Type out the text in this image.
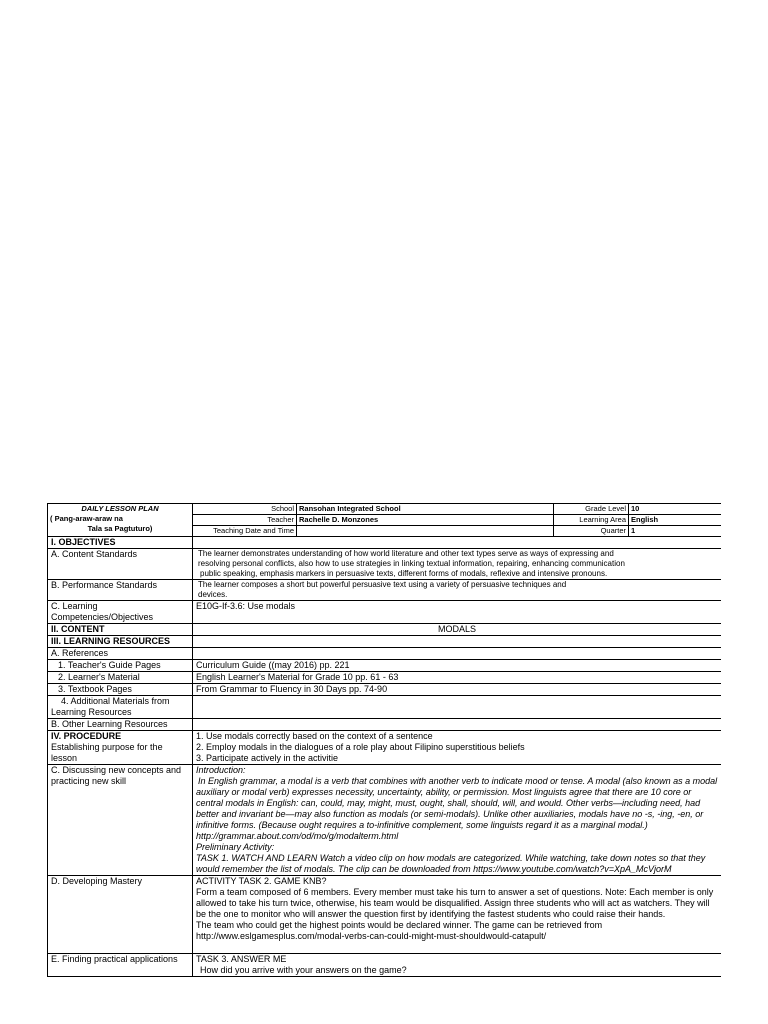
DAILY LESSON PLAN
( Pang-araw-araw na
Tala sa Pagtuturo)	School	Ransohan Integrated School	Grade Level	10
	Teacher	Rachelle D. Monzones	Learning Area	English
	Teaching Date and Time		Quarter	1
I. OBJECTIVES				
A. Content Standards	The learner demonstrates understanding of how world literature and other text types serve as ways of expressing and
resolving personal conflicts, also how to use strategies in linking textual information, repairing, enhancing communication
public speaking, emphasis markers in persuasive texts, different forms of modals, reflexive and intensive pronouns.			

B. Performance Standards	The learner composes a short but powerful persuasive text using a variety of persuasive techniques and
devices.			

C. Learning Competencies/Objectives	E10G-If-3.6: Use modals			
II. CONTENT	MODALS			
III. LEARNING RESOURCES				
A. References				
1. Teacher's Guide Pages	Curriculum Guide ((may 2016) pp. 221			
2. Learner's Material	English Learner's Material for Grade 10 pp. 61 - 63			
3. Textbook Pages	From Grammar to Fluency in 30 Days pp. 74-90			

4. Additional Materials from
Learning Resources				

B. Other Learning Resources				

IV. PROCEDURE
Establishing purpose for the lesson	1. Use modals correctly based on the context of a sentence
2. Employ modals in the dialogues of a role play about Filipino superstitious beliefs
3. Participate actively in the activitie			

C. Discussing new concepts and practicing new skill	Introduction:
In English grammar, a modal is a verb that combines with another verb to indicate mood or tense. A modal (also known as a modal auxiliary or modal verb) expresses necessity, uncertainty, ability, or permission. Most linguists agree that there are 10 core or central modals in English: can, could, may, might, must, ought, shall, should, will, and would. Other verbs—including need, had better and invariant be—may also function as modals (or semi-modals). Unlike other auxiliaries, modals have no -s, -ing, -en, or infinitive forms. (Because ought requires a to-infinitive complement, some linguists regard it as a marginal modal.) http://grammar.about.com/od/mo/g/modalterm.html
Preliminary Activity:
TASK 1. WATCH AND LEARN Watch a video clip on how modals are categorized. While watching, take down notes so that they would remember the list of modals. The clip can be downloaded from https://www.youtube.com/watch?v=XpA_McVjorM			

D. Developing Mastery	ACTIVITY TASK 2. GAME KNB?
Form a team composed of 6 members. Every member must take his turn to answer a set of questions. Note: Each member is only allowed to take his turn twice, otherwise, his team would be disqualified. Assign three students who will act as watchers. They will be the one to monitor who will answer the question first by identifying the fastest students who could raise their hands.
The team who could get the highest points would be declared winner. The game can be retrieved from http://www.eslgamesplus.com/modal-verbs-can-could-might-must-shouldwould-catapult/			

E. Finding practical applications	TASK 3. ANSWER ME
How did you arrive with your answers on the game?			
